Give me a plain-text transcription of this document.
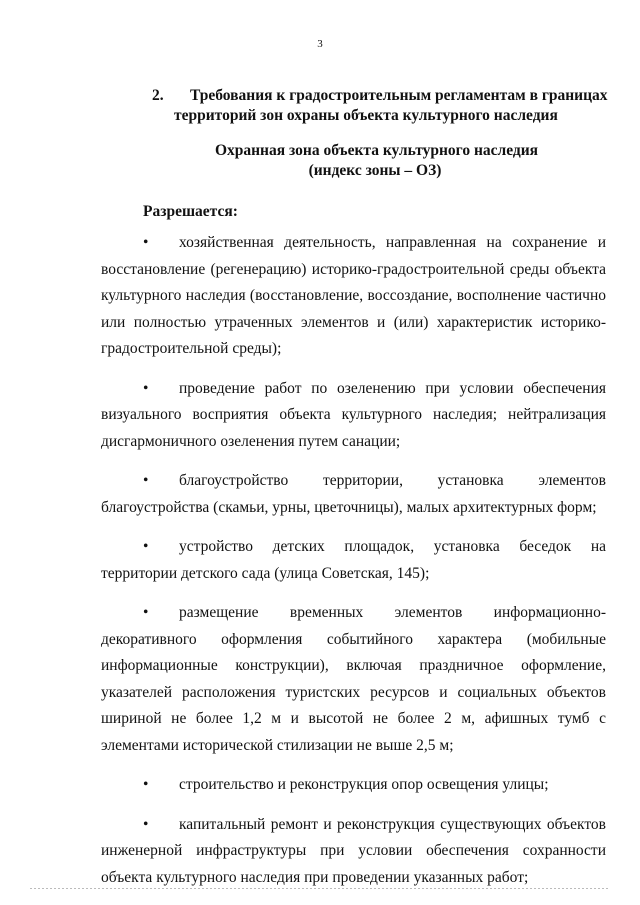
3
2. Требования к градостроительным регламентам в границах
территорий зон охраны объекта культурного наследия
Охранная зона объекта культурного наследия
(индекс зоны – ОЗ)
Разрешается:
•	хозяйственная деятельность, направленная на сохранение и восстановление (регенерацию) историко-градостроительной среды объекта культурного наследия (восстановление, воссоздание, восполнение частично или полностью утраченных элементов и (или) характеристик историко-градостроительной среды);
•	проведение работ по озеленению при условии обеспечения визуального восприятия объекта культурного наследия; нейтрализация дисгармоничного озеленения путем санации;
•	благоустройство территории, установка элементов благоустройства (скамьи, урны, цветочницы), малых архитектурных форм;
•	устройство детских площадок, установка беседок на территории детского сада (улица Советская, 145);
•	размещение временных элементов информационно- декоративного оформления событийного характера (мобильные информационные конструкции), включая праздничное оформление, указателей расположения туристских ресурсов и социальных объектов шириной не более 1,2 м и высотой не более 2 м, афишных тумб с элементами исторической стилизации не выше 2,5 м;
•	строительство и реконструкция опор освещения улицы;
•	капитальный ремонт и реконструкция существующих объектов инженерной инфраструктуры при условии обеспечения сохранности объекта культурного наследия при проведении указанных работ;
